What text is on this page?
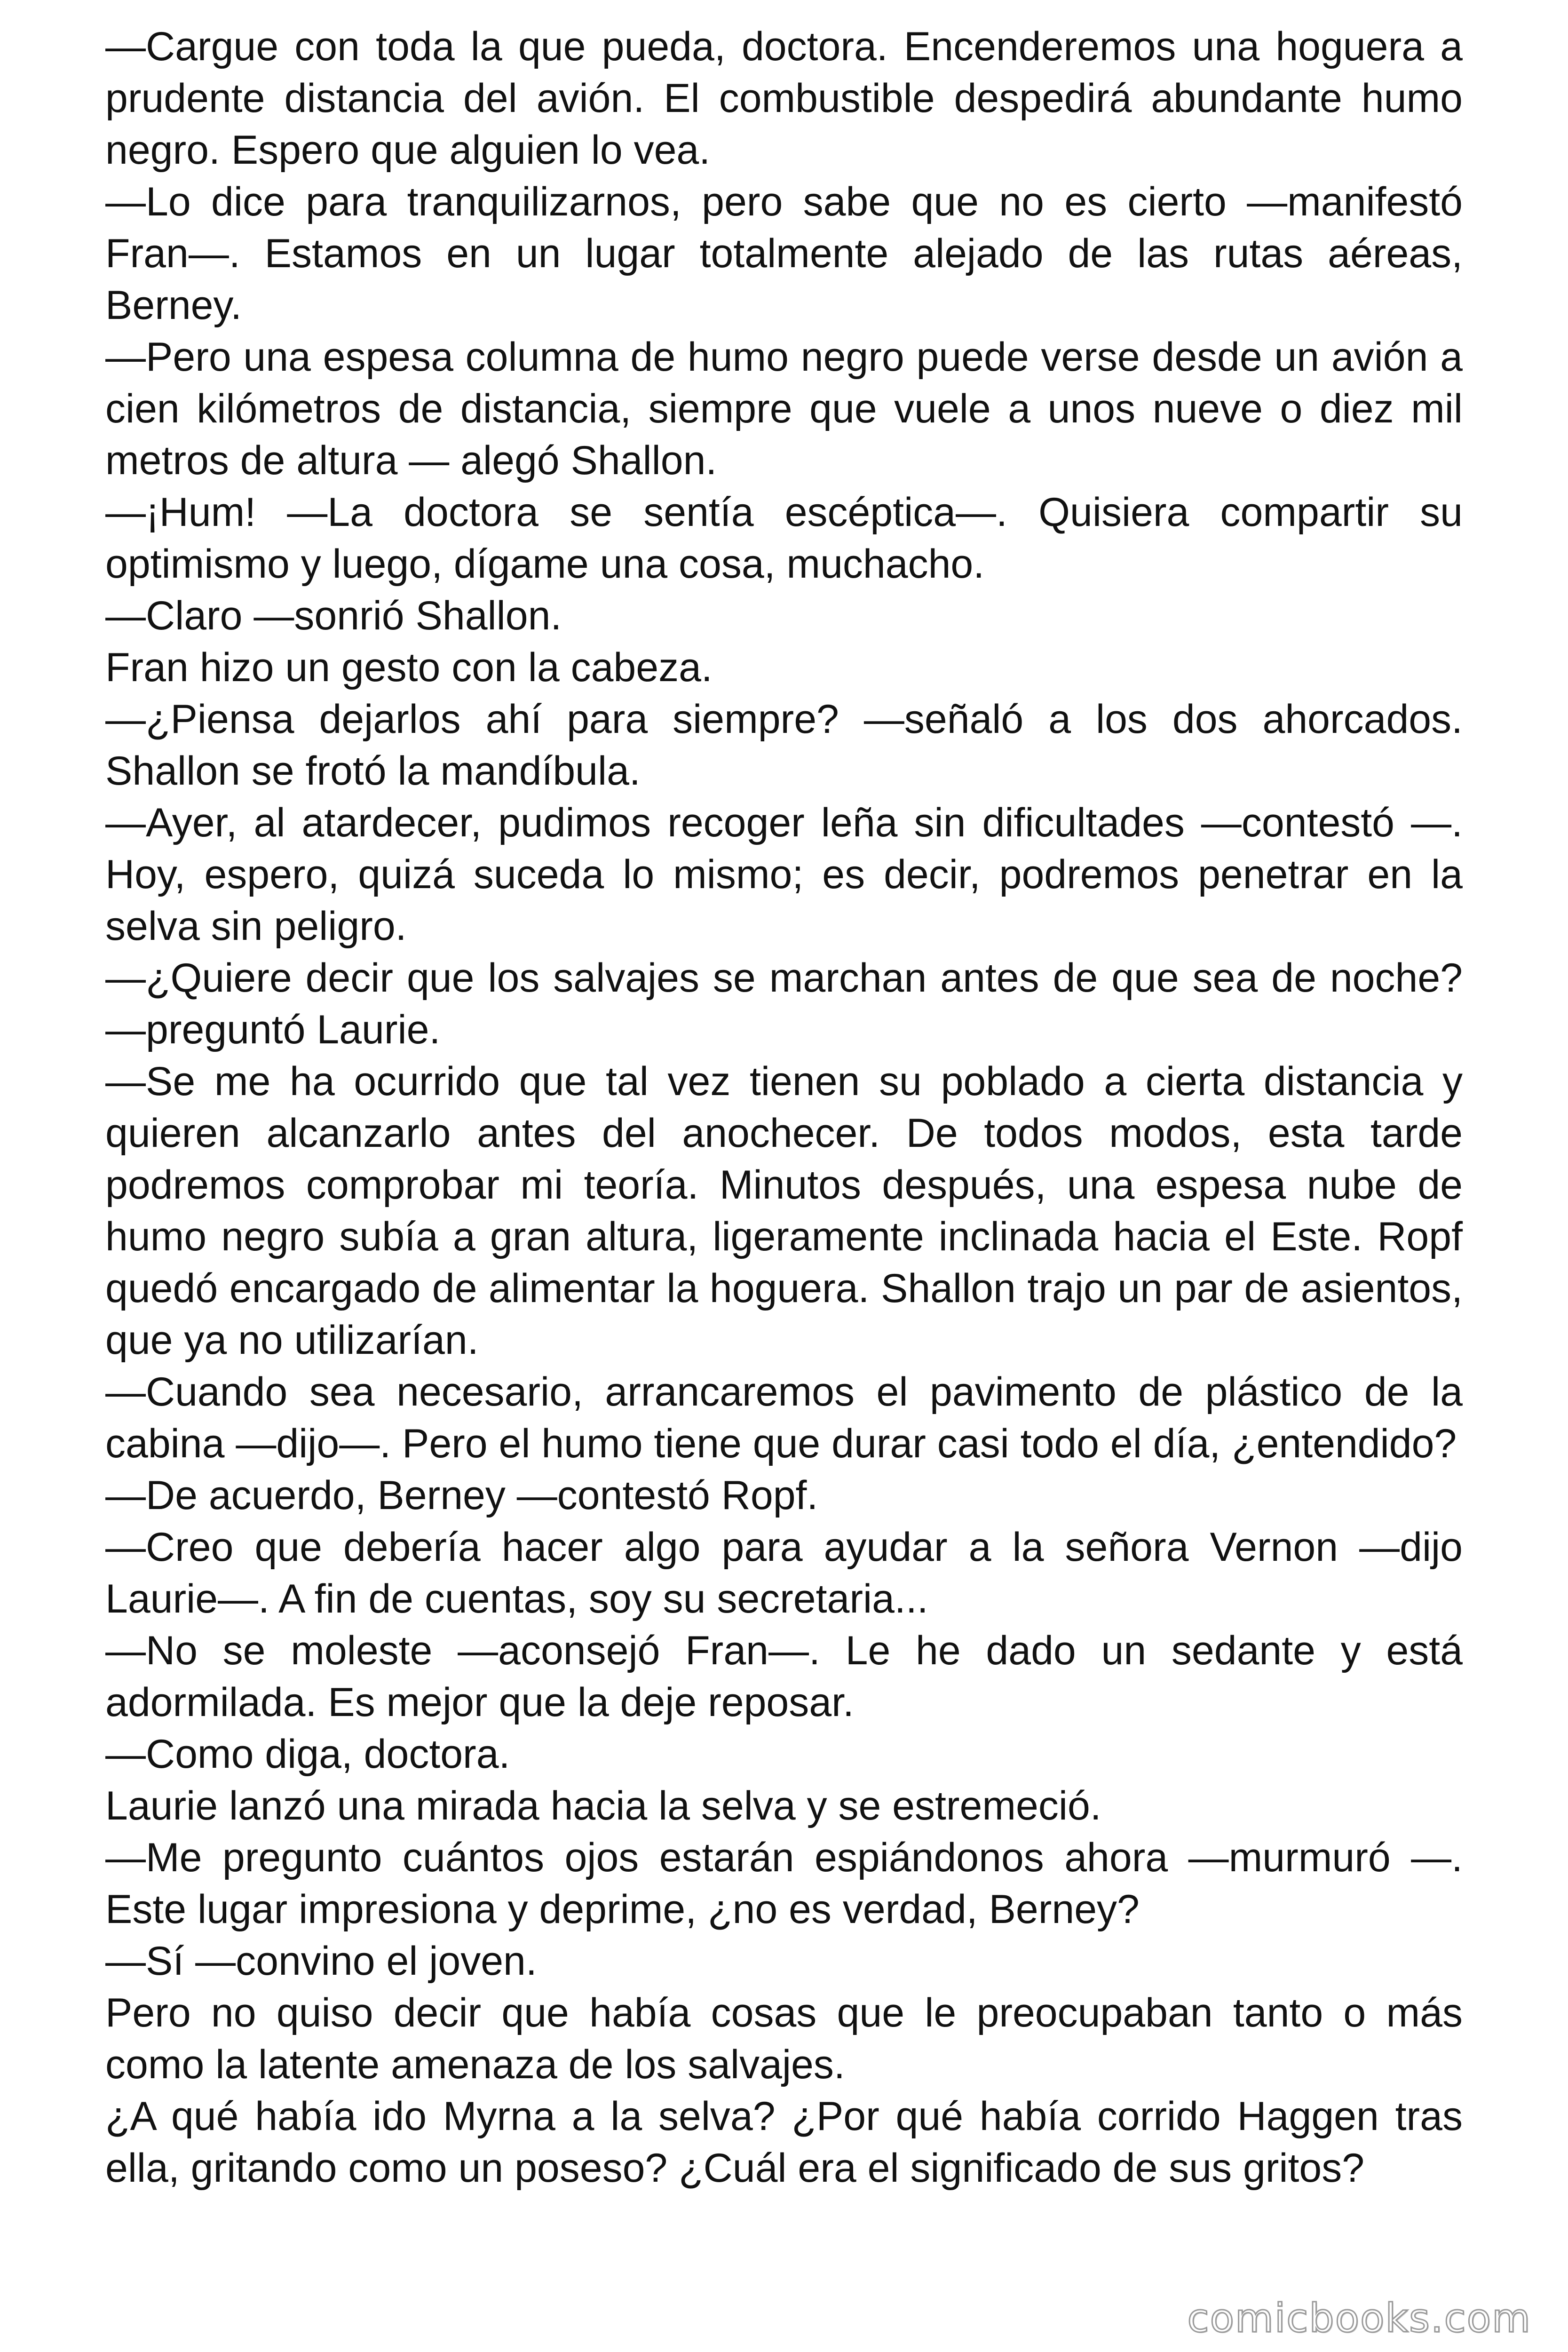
—Cargue con toda la que pueda, doctora. Encenderemos una hoguera a prudente distancia del avión. El combustible despedirá abundante humo negro. Espero que alguien lo vea.

—Lo dice para tranquilizarnos, pero sabe que no es cierto —manifestó Fran—. Estamos en un lugar totalmente alejado de las rutas aéreas, Berney.

—Pero una espesa columna de humo negro puede verse desde un avión a cien kilómetros de distancia, siempre que vuele a unos nueve o diez mil metros de altura — alegó Shallon.

—¡Hum! —La doctora se sentía escéptica—. Quisiera compartir su optimismo y luego, dígame una cosa, muchacho.

—Claro —sonrió Shallon.

Fran hizo un gesto con la cabeza.

—¿Piensa dejarlos ahí para siempre? —señaló a los dos ahorcados. Shallon se frotó la mandíbula.

—Ayer, al atardecer, pudimos recoger leña sin dificultades —contestó —. Hoy, espero, quizá suceda lo mismo; es decir, podremos penetrar en la selva sin peligro.

—¿Quiere decir que los salvajes se marchan antes de que sea de noche? —preguntó Laurie.

—Se me ha ocurrido que tal vez tienen su poblado a cierta distancia y quieren alcanzarlo antes del anochecer. De todos modos, esta tarde podremos comprobar mi teoría. Minutos después, una espesa nube de humo negro subía a gran altura, ligeramente inclinada hacia el Este. Ropf quedó encargado de alimentar la hoguera. Shallon trajo un par de asientos, que ya no utilizarían.

—Cuando sea necesario, arrancaremos el pavimento de plástico de la cabina —dijo—. Pero el humo tiene que durar casi todo el día, ¿entendido?

—De acuerdo, Berney —contestó Ropf.

—Creo que debería hacer algo para ayudar a la señora Vernon —dijo Laurie—. A fin de cuentas, soy su secretaria...

—No se moleste —aconsejó Fran—. Le he dado un sedante y está adormilada. Es mejor que la deje reposar.

—Como diga, doctora.

Laurie lanzó una mirada hacia la selva y se estremeció.

—Me pregunto cuántos ojos estarán espiándonos ahora —murmuró —. Este lugar impresiona y deprime, ¿no es verdad, Berney?

—Sí —convino el joven.

Pero no quiso decir que había cosas que le preocupaban tanto o más como la latente amenaza de los salvajes.

¿A qué había ido Myrna a la selva? ¿Por qué había corrido Haggen tras ella, gritando como un poseso? ¿Cuál era el significado de sus gritos?

comicbooks.com
